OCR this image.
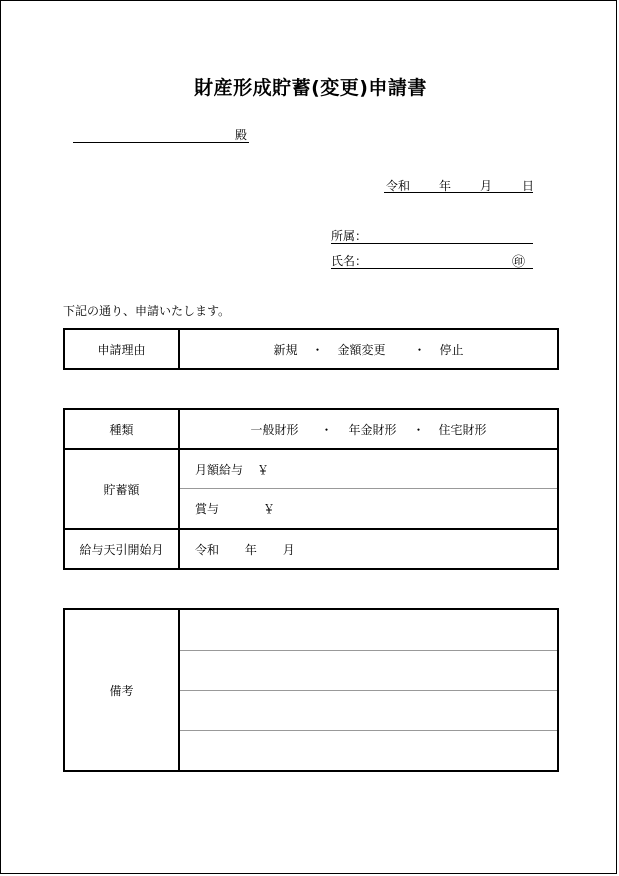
財産形成貯蓄(変更)申請書
殿
令和 年 月 日

所属：
氏名：	㊞
下記の通り、申請いたします。
申請理由	新規 ・ 金額変更 ・ 停止
種類	一般財形 ・ 年金財形 ・ 住宅財形
貯蓄額	月額給与 ￥
賞与 ￥

給与天引開始月	令和 年 月
備考	
